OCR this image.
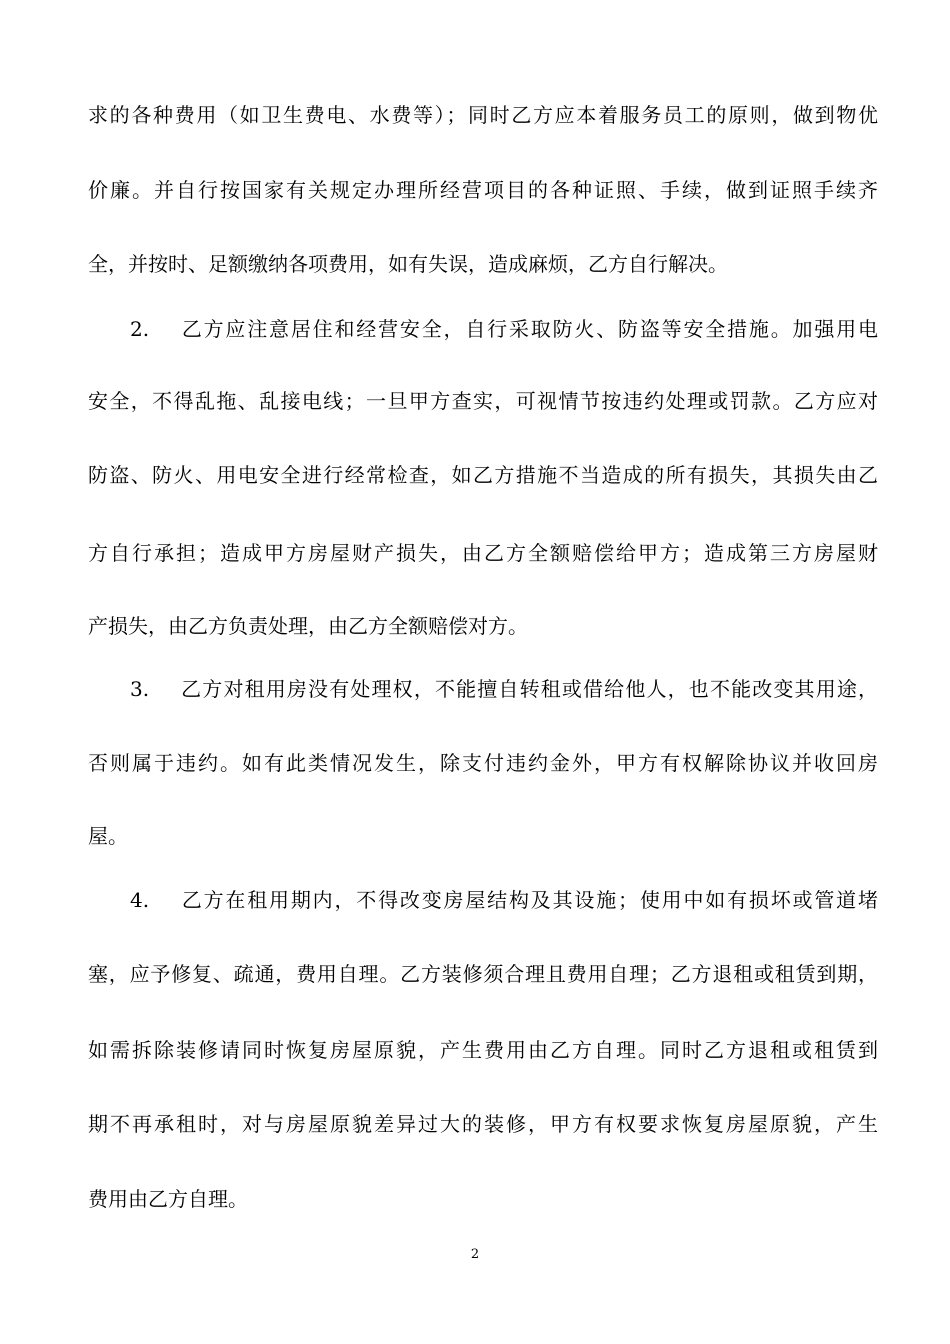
求的各种费用（如卫生费电、水费等）；同时乙方应本着服务员工的原则，做到物优
价廉。并自行按国家有关规定办理所经营项目的各种证照、手续，做到证照手续齐
全，并按时、足额缴纳各项费用，如有失误，造成麻烦，乙方自行解决。
2. 乙方应注意居住和经营安全，自行采取防火、防盗等安全措施。加强用电
安全，不得乱拖、乱接电线；一旦甲方查实，可视情节按违约处理或罚款。乙方应对
防盗、防火、用电安全进行经常检查，如乙方措施不当造成的所有损失，其损失由乙
方自行承担；造成甲方房屋财产损失，由乙方全额赔偿给甲方；造成第三方房屋财
产损失，由乙方负责处理，由乙方全额赔偿对方。
3. 乙方对租用房没有处理权，不能擅自转租或借给他人，也不能改变其用途，
否则属于违约。如有此类情况发生，除支付违约金外，甲方有权解除协议并收回房
屋。
4. 乙方在租用期内，不得改变房屋结构及其设施；使用中如有损坏或管道堵
塞，应予修复、疏通，费用自理。乙方装修须合理且费用自理；乙方退租或租赁到期，
如需拆除装修请同时恢复房屋原貌，产生费用由乙方自理。同时乙方退租或租赁到
期不再承租时，对与房屋原貌差异过大的装修，甲方有权要求恢复房屋原貌，产生
费用由乙方自理。
2
